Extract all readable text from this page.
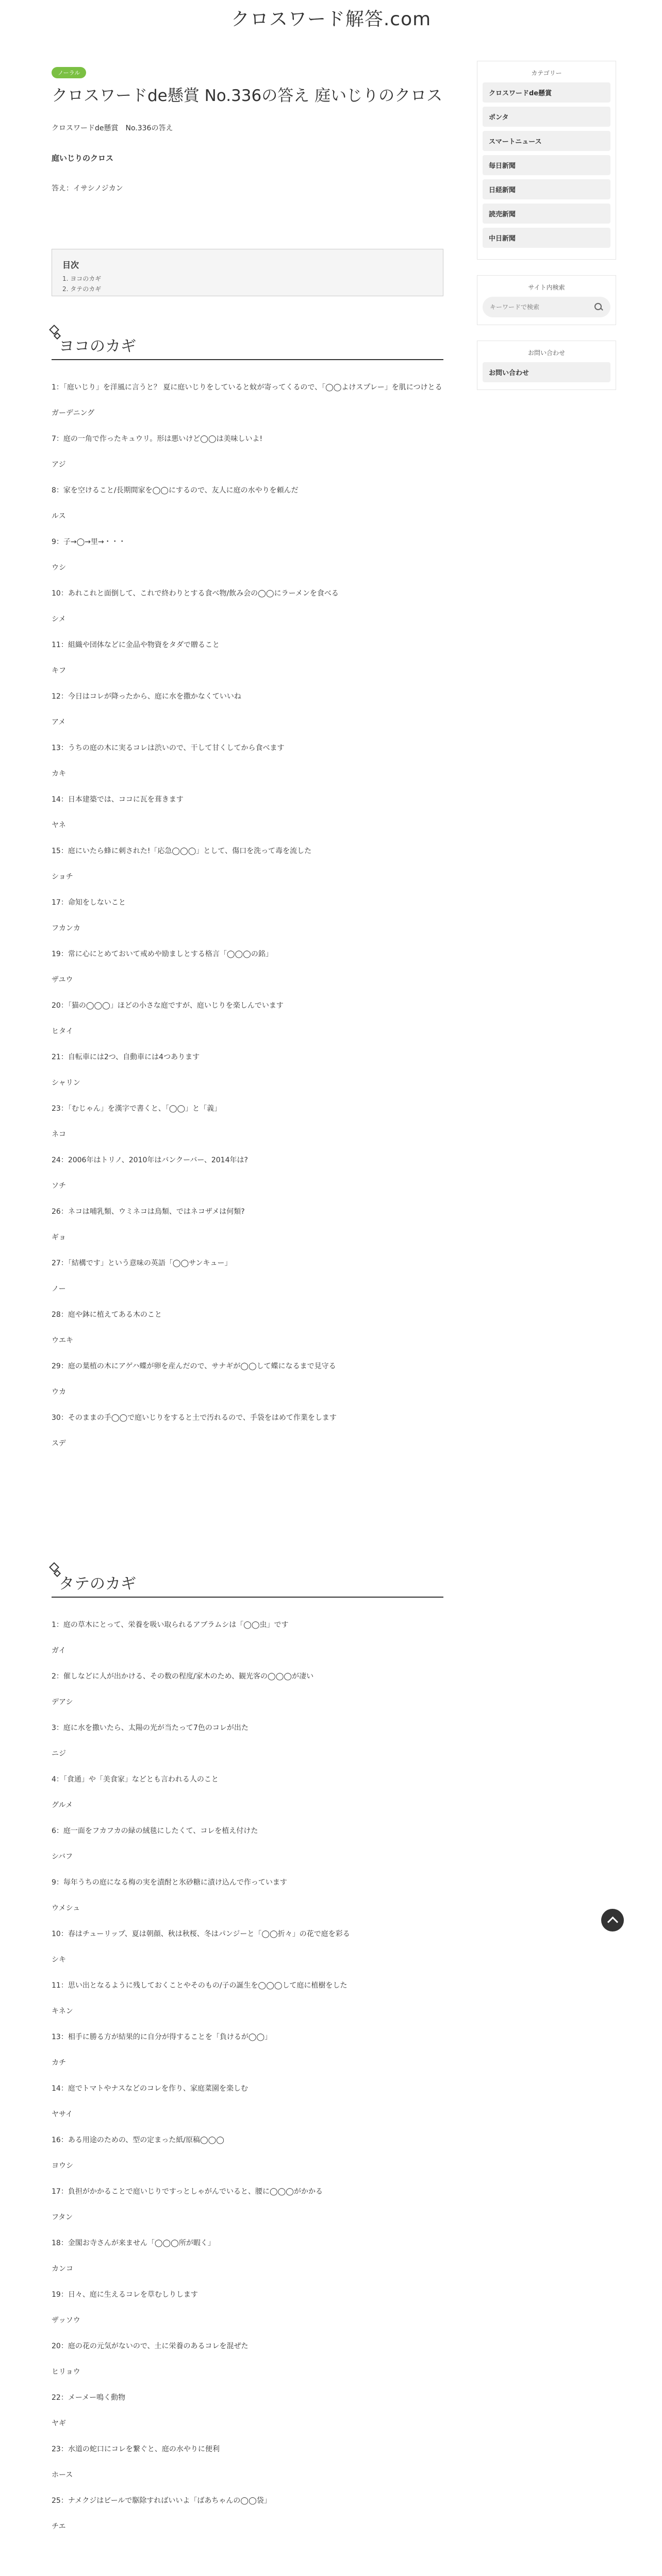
クロスワード解答.com
ノーラル
クロスワードde懸賞 No.336の答え 庭いじりのクロス

クロスワードde懸賞　No.336の答え

庭いじりのクロス

答え：イサシノジカン

目次
1. ヨコのカギ
2. タテのカギ
ヨコのカギ

1：「庭いじり」を洋風に言うと？ 夏に庭いじりをしていると蚊が寄ってくるので、「◯◯よけスプレー」を肌につけとる

ガーデニング

7：庭の一角で作ったキュウリ。形は悪いけど◯◯は美味しいよ!

アジ

8：家を空けること/長期間家を◯◯にするので、友人に庭の水やりを頼んだ

ルス

9：子→◯→里→・・・

ウシ

10：あれこれと面倒して、これで終わりとする食べ物/飲み会の◯◯にラーメンを食べる

シメ

11：組織や団体などに金品や物資をタダで贈ること

キフ

12：今日はコレが降ったから、庭に水を撒かなくていいね

アメ

13：うちの庭の木に実るコレは渋いので、干して甘くしてから食べます

カキ

14：日本建築では、ココに瓦を葺きます

ヤネ

15：庭にいたら蜂に刺された!「応急◯◯◯」として、傷口を洗って毒を流した

ショチ

17：命知をしないこと

フカンカ

19：常に心にとめておいて戒めや励ましとする格言「◯◯◯の銘」

ザユウ

20：「猫の◯◯◯」ほどの小さな庭ですが、庭いじりを楽しんでいます

ヒタイ

21：自転車には2つ、自動車には4つあります

シャリン

23：「むじゃん」を漢字で書くと、「◯◯」と「義」

ネコ

24：2006年はトリノ、2010年はバンクーバー、2014年は?

ソチ

26：ネコは哺乳類、ウミネコは鳥類、ではネコザメは何類?

ギョ

27：「結構です」という意味の英語「◯◯サンキュー」

ノー

28：庭や鉢に植えてある木のこと

ウエキ

29：庭の葉植の木にアゲハ蝶が卵を産んだので、サナギが◯◯して蝶になるまで見守る

ウカ

30：そのままの手◯◯で庭いじりをすると土で汚れるので、手袋をはめて作業をします

スデ

タテのカギ

1：庭の草木にとって、栄養を吸い取られるアブラムシは「◯◯虫」です

ガイ

2：催しなどに人が出かける、その数の程度/家木のため、観光客の◯◯◯が凄い

デアシ

3：庭に水を撒いたら、太陽の光が当たって7色のコレが出た

ニジ

4：「食通」や「美食家」などとも言われる人のこと

グルメ

6：庭一面をフカフカの緑の絨毯にしたくて、コレを植え付けた

シバフ

9：毎年うちの庭になる梅の実を漬酎と氷砂糖に漬け込んで作っています

ウメシュ

10：春はチューリップ、夏は朝顔、秋は秋桜、冬はパンジーと「◯◯折々」の花で庭を彩る

シキ

11：思い出となるように残しておくことやそのもの/子の誕生を◯◯◯して庭に植樹をした

キネン

13：相手に勝る方が結果的に自分が得することを「負けるが◯◯」

カチ

14：庭でトマトやナスなどのコレを作り、家庭菜園を楽しむ

ヤサイ

16：ある用途のための、型の定まった紙/原稿◯◯◯

ヨウシ

17：負担がかかることで庭いじりですっとしゃがんでいると、腰に◯◯◯がかかる

フタン

18：金閣お寺さんが来ません「◯◯◯所が暇く」

カンコ

19：日々、庭に生えるコレを草むしりします

ザッソウ

20：庭の花の元気がないので、土に栄養のあるコレを混ぜた

ヒリョウ

22：メーメー鳴く動物

ヤギ

23：水道の蛇口にコレを繋ぐと、庭の水やりに便利

ホース

25：ナメクジはビールで駆除すればいいよ「ばあちゃんの◯◯袋」

チエ

カテゴリー
クロスワードde懸賞
ポンタ
スマートニュース
毎日新聞
日経新聞
読売新聞
中日新聞
サイト内検索
キーワードで検索
お問い合わせ
お問い合わせ
